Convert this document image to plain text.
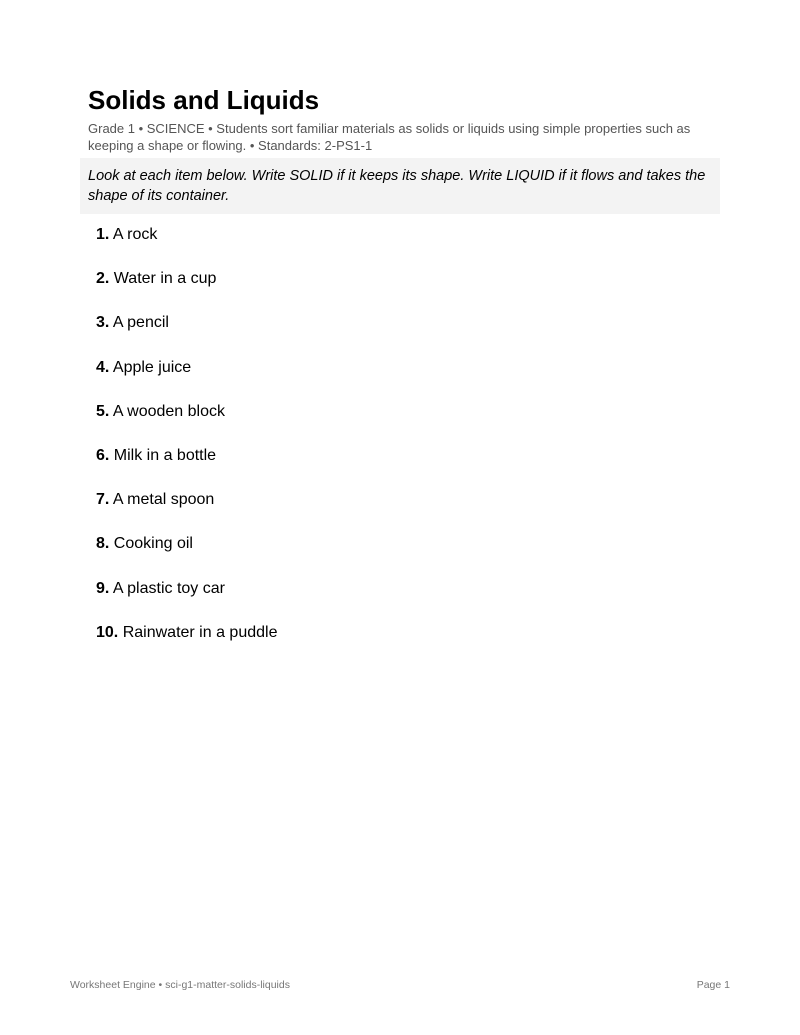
Solids and Liquids

Grade 1 • SCIENCE • Students sort familiar materials as solids or liquids using simple properties such as keeping a shape or flowing. • Standards: 2-PS1-1

Look at each item below. Write SOLID if it keeps its shape. Write LIQUID if it flows and takes the shape of its container.
1. A rock
2. Water in a cup
3. A pencil
4. Apple juice
5. A wooden block
6. Milk in a bottle
7. A metal spoon
8. Cooking oil
9. A plastic toy car
10. Rainwater in a puddle
Worksheet Engine • sci-g1-matter-solids-liquids	Page 1
